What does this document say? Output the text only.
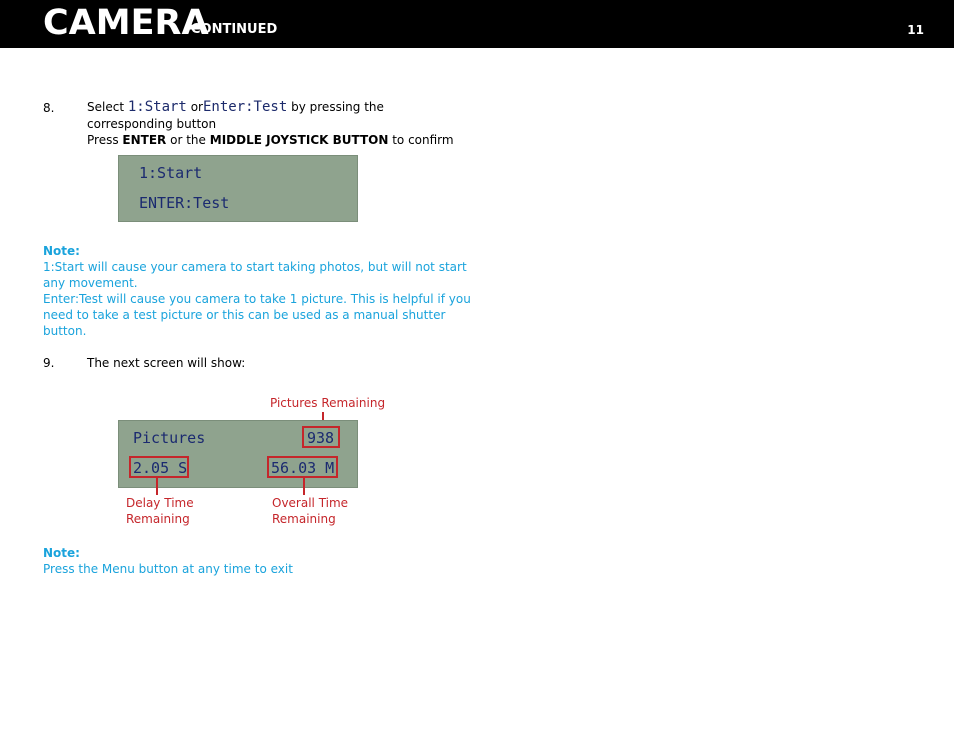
CAMERA
CONTINUED	11
8.	Select 1:Start orEnter:Test by pressing the
corresponding button
Press ENTER or the MIDDLE JOYSTICK BUTTON to confirm
1:Start
ENTER:Test
Note:
1:Start will cause your camera to start taking photos, but will not start
any movement.
Enter:Test will cause you camera to take 1 picture. This is helpful if you
need to take a test picture or this can be used as a manual shutter
button.
9.	The next screen will show:
Pictures Remaining
Pictures	938
2.05 S	56.03 M
Delay Time
Remaining
Overall Time
Remaining
Note:
Press the Menu button at any time to exit
